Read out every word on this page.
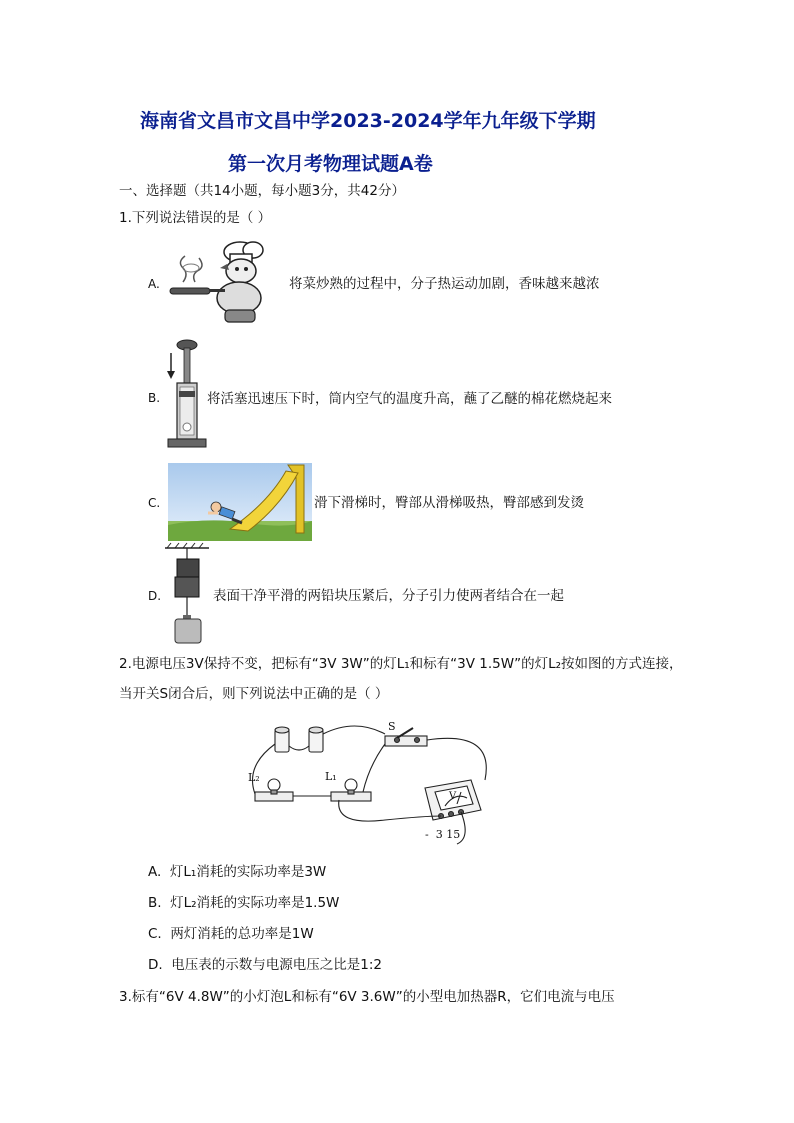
海南省文昌市文昌中学2023-2024学年九年级下学期
第一次月考物理试题A卷
一、选择题（共14小题，每小题3分，共42分）
1.下列说法错误的是（ ）
A.	将菜炒熟的过程中，分子热运动加剧，香味越来越浓
B.	将活塞迅速压下时，筒内空气的温度升高，蘸了乙醚的棉花燃烧起来
C.	滑下滑梯时，臀部从滑梯吸热，臀部感到发烫
D.	表面干净平滑的两铅块压紧后，分子引力使两者结合在一起
2.电源电压3V保持不变，把标有“3V 3W”的灯L₁和标有“3V 1.5W”的灯L₂按如图的方式连接，
当开关S闭合后，则下列说法中正确的是（ ）
S
L₂	L₁
V
-  3 15
A. 灯L₁消耗的实际功率是3W
B. 灯L₂消耗的实际功率是1.5W
C. 两灯消耗的总功率是1W
D. 电压表的示数与电源电压之比是1:2
3.标有“6V 4.8W”的小灯泡L和标有“6V 3.6W”的小型电加热器R，它们电流与电压
